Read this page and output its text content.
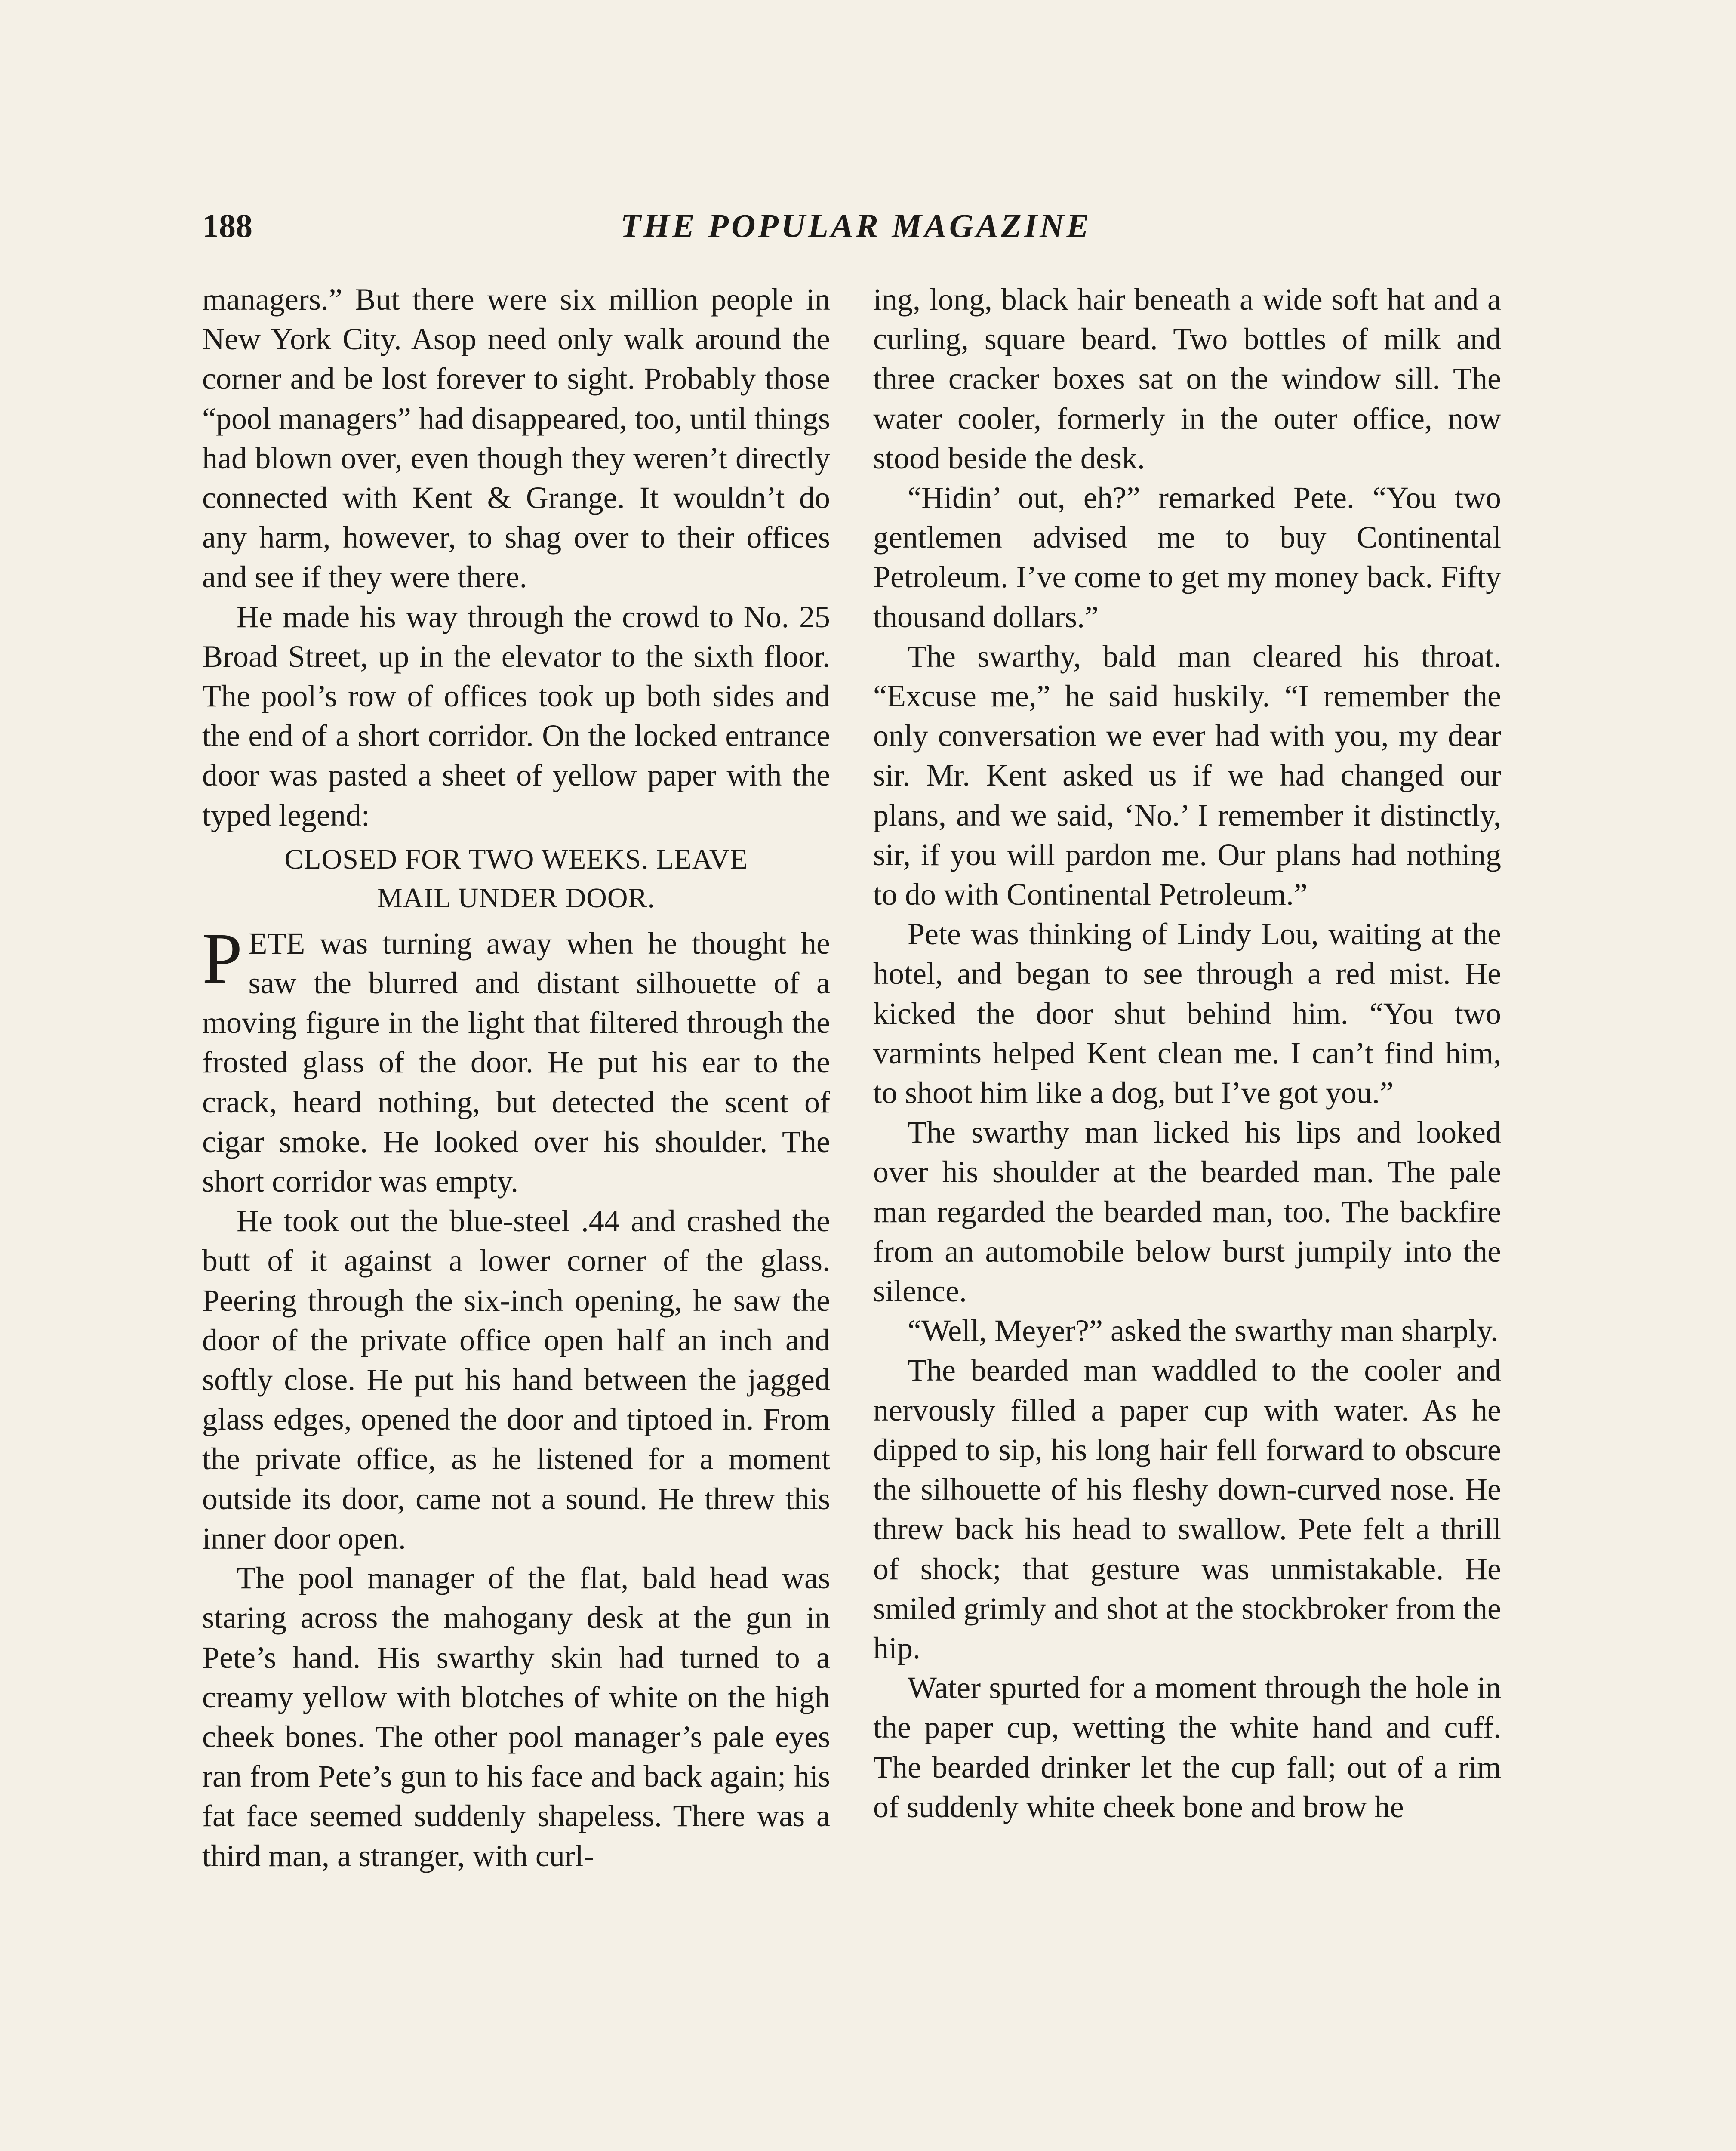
188	THE POPULAR MAGAZINE

managers.” But there were six million people in New York City. Asop need only walk around the corner and be lost forever to sight. Probably those “pool managers” had disappeared, too, until things had blown over, even though they weren’t directly connected with Kent & Grange. It wouldn’t do any harm, however, to shag over to their offices and see if they were there.

He made his way through the crowd to No. 25 Broad Street, up in the elevator to the sixth floor. The pool’s row of offices took up both sides and the end of a short corridor. On the locked entrance door was pasted a sheet of yellow paper with the typed legend:

CLOSED FOR TWO WEEKS. LEAVE
MAIL UNDER DOOR.

PETE was turning away when he thought he saw the blurred and distant silhouette of a moving figure in the light that filtered through the frosted glass of the door. He put his ear to the crack, heard nothing, but detected the scent of cigar smoke. He looked over his shoulder. The short corridor was empty.

He took out the blue-steel .44 and crashed the butt of it against a lower corner of the glass. Peering through the six-inch opening, he saw the door of the private office open half an inch and softly close. He put his hand between the jagged glass edges, opened the door and tiptoed in. From the private office, as he listened for a moment outside its door, came not a sound. He threw this inner door open.

The pool manager of the flat, bald head was staring across the mahogany desk at the gun in Pete’s hand. His swarthy skin had turned to a creamy yellow with blotches of white on the high cheek bones. The other pool manager’s pale eyes ran from Pete’s gun to his face and back again; his fat face seemed suddenly shapeless. There was a third man, a stranger, with curl-

ing, long, black hair beneath a wide soft hat and a curling, square beard. Two bottles of milk and three cracker boxes sat on the window sill. The water cooler, formerly in the outer office, now stood beside the desk.

“Hidin’ out, eh?” remarked Pete. “You two gentlemen advised me to buy Continental Petroleum. I’ve come to get my money back. Fifty thousand dollars.”

The swarthy, bald man cleared his throat. “Excuse me,” he said huskily. “I remember the only conversation we ever had with you, my dear sir. Mr. Kent asked us if we had changed our plans, and we said, ‘No.’ I remember it distinctly, sir, if you will pardon me. Our plans had nothing to do with Continental Petroleum.”

Pete was thinking of Lindy Lou, waiting at the hotel, and began to see through a red mist. He kicked the door shut behind him. “You two varmints helped Kent clean me. I can’t find him, to shoot him like a dog, but I’ve got you.”

The swarthy man licked his lips and looked over his shoulder at the bearded man. The pale man regarded the bearded man, too. The backfire from an automobile below burst jumpily into the silence.

“Well, Meyer?” asked the swarthy man sharply.

The bearded man waddled to the cooler and nervously filled a paper cup with water. As he dipped to sip, his long hair fell forward to obscure the silhouette of his fleshy down-curved nose. He threw back his head to swallow. Pete felt a thrill of shock; that gesture was unmistakable. He smiled grimly and shot at the stockbroker from the hip.

Water spurted for a moment through the hole in the paper cup, wetting the white hand and cuff. The bearded drinker let the cup fall; out of a rim of suddenly white cheek bone and brow he
